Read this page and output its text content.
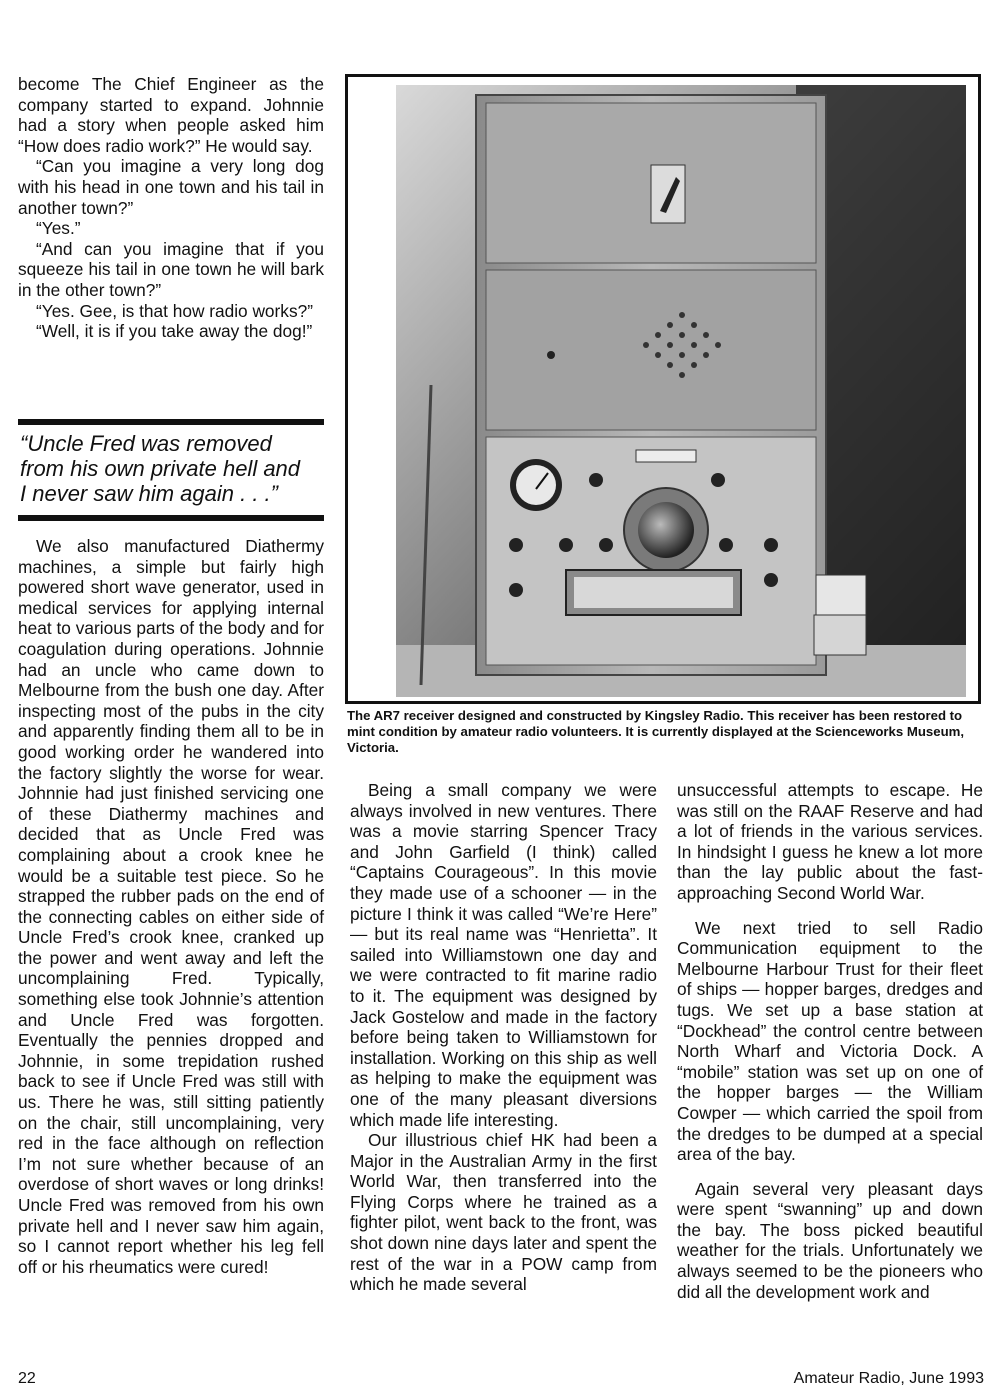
become The Chief Engineer as the company started to expand. Johnnie had a story when people asked him “How does radio work?” He would say.

“Can you imagine a very long dog with his head in one town and his tail in another town?”

“Yes.”

“And can you imagine that if you squeeze his tail in one town he will bark in the other town?”

“Yes. Gee, is that how radio works?”

“Well, it is if you take away the dog!”

“Uncle Fred was removed
from his own private hell and
I never saw him again . . .”

We also manufactured Diathermy machines, a simple but fairly high powered short wave generator, used in medical services for applying internal heat to various parts of the body and for coagulation during operations. Johnnie had an uncle who came down to Melbourne from the bush one day. After inspecting most of the pubs in the city and apparently finding them all to be in good working order he wandered into the factory slightly the worse for wear. Johnnie had just finished servicing one of these Diathermy machines and decided that as Uncle Fred was complaining about a crook knee he would be a suitable test piece. So he strapped the rubber pads on the end of the connecting cables on either side of Uncle Fred’s crook knee, cranked up the power and went away and left the uncomplaining Fred. Typically, something else took Johnnie’s attention and Uncle Fred was forgotten. Eventually the pennies dropped and Johnnie, in some trepidation rushed back to see if Uncle Fred was still with us. There he was, still sitting patiently on the chair, still uncomplaining, very red in the face although on reflection I’m not sure whether because of an overdose of short waves or long drinks! Uncle Fred was removed from his own private hell and I never saw him again, so I cannot report whether his leg fell off or his rheumatics were cured!

The AR7 receiver designed and constructed by Kingsley Radio. This receiver has been restored to mint condition by amateur radio volunteers. It is currently displayed at the Scienceworks Museum, Victoria.

Being a small company we were always involved in new ventures. There was a movie starring Spencer Tracy and John Garfield (I think) called “Captains Courageous”. In this movie they made use of a schooner — in the picture I think it was called “We’re Here” — but its real name was “Henrietta”. It sailed into Williamstown one day and we were contracted to fit marine radio to it. The equipment was designed by Jack Gostelow and made in the factory before being taken to Williamstown for installation. Working on this ship as well as helping to make the equipment was one of the many pleasant diversions which made life interesting.

Our illustrious chief HK had been a Major in the Australian Army in the first World War, then transferred into the Flying Corps where he trained as a fighter pilot, went back to the front, was shot down nine days later and spent the rest of the war in a POW camp from which he made several

unsuccessful attempts to escape. He was still on the RAAF Reserve and had a lot of friends in the various services. In hindsight I guess he knew a lot more than the lay public about the fast-approaching Second World War.

We next tried to sell Radio Communication equipment to the Melbourne Harbour Trust for their fleet of ships — hopper barges, dredges and tugs. We set up a base station at “Dockhead” the control centre between North Wharf and Victoria Dock. A “mobile” station was set up on one of the hopper barges — the William Cowper — which carried the spoil from the dredges to be dumped at a special area of the bay.

Again several very pleasant days were spent “swanning” up and down the bay. The boss picked beautiful weather for the trials. Unfortunately we always seemed to be the pioneers who did all the development work and

22	Amateur Radio, June 1993
